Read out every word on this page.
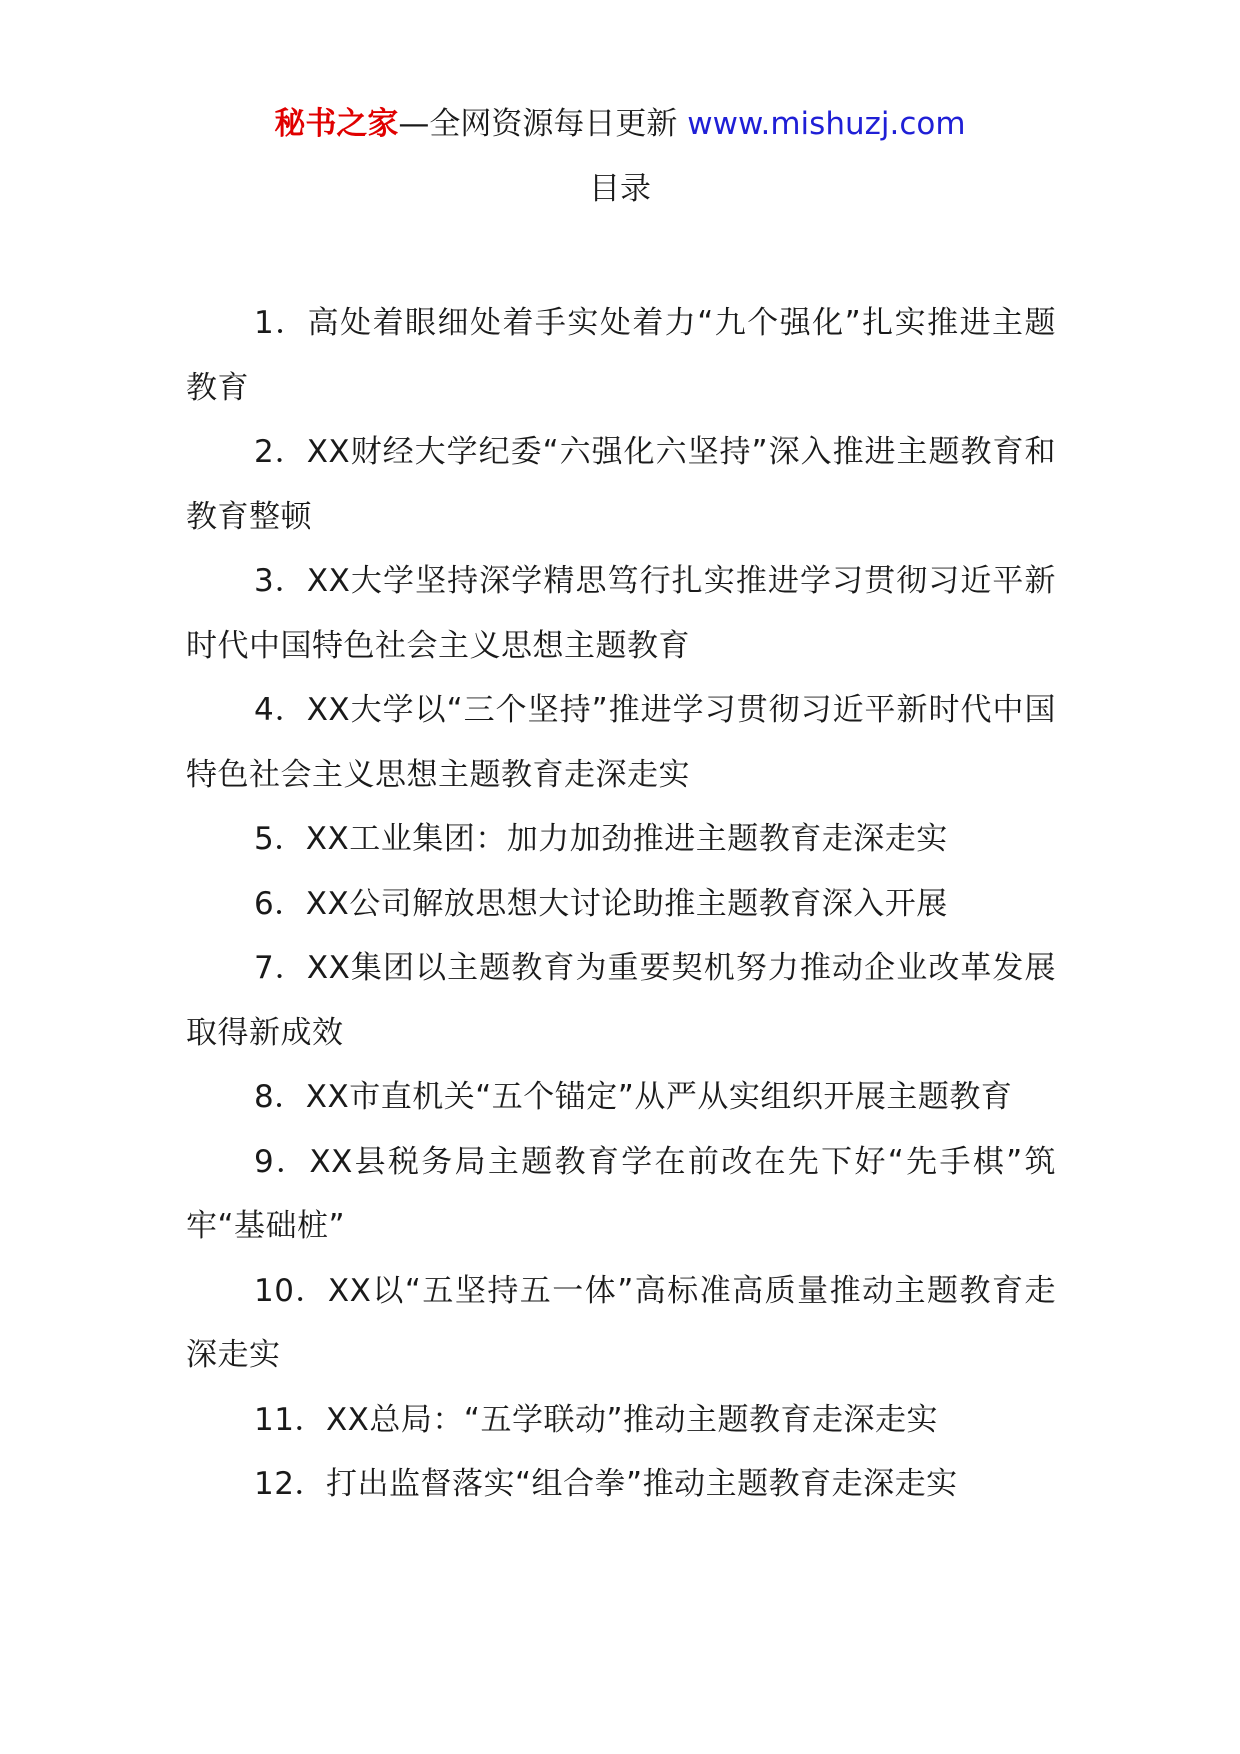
秘书之家—全网资源每日更新 www.mishuzj.com
目录
1．高处着眼细处着手实处着力“九个强化”扎实推进主题教育
2．XX财经大学纪委“六强化六坚持”深入推进主题教育和教育整顿
3．XX大学坚持深学精思笃行扎实推进学习贯彻习近平新时代中国特色社会主义思想主题教育
4．XX大学以“三个坚持”推进学习贯彻习近平新时代中国特色社会主义思想主题教育走深走实
5．XX工业集团：加力加劲推进主题教育走深走实
6．XX公司解放思想大讨论助推主题教育深入开展
7．XX集团以主题教育为重要契机努力推动企业改革发展取得新成效
8．XX市直机关“五个锚定”从严从实组织开展主题教育
9．XX县税务局主题教育学在前改在先下好“先手棋”筑牢“基础桩”
10．XX以“五坚持五一体”高标准高质量推动主题教育走深走实
11．XX总局：“五学联动”推动主题教育走深走实
12．打出监督落实“组合拳”推动主题教育走深走实
